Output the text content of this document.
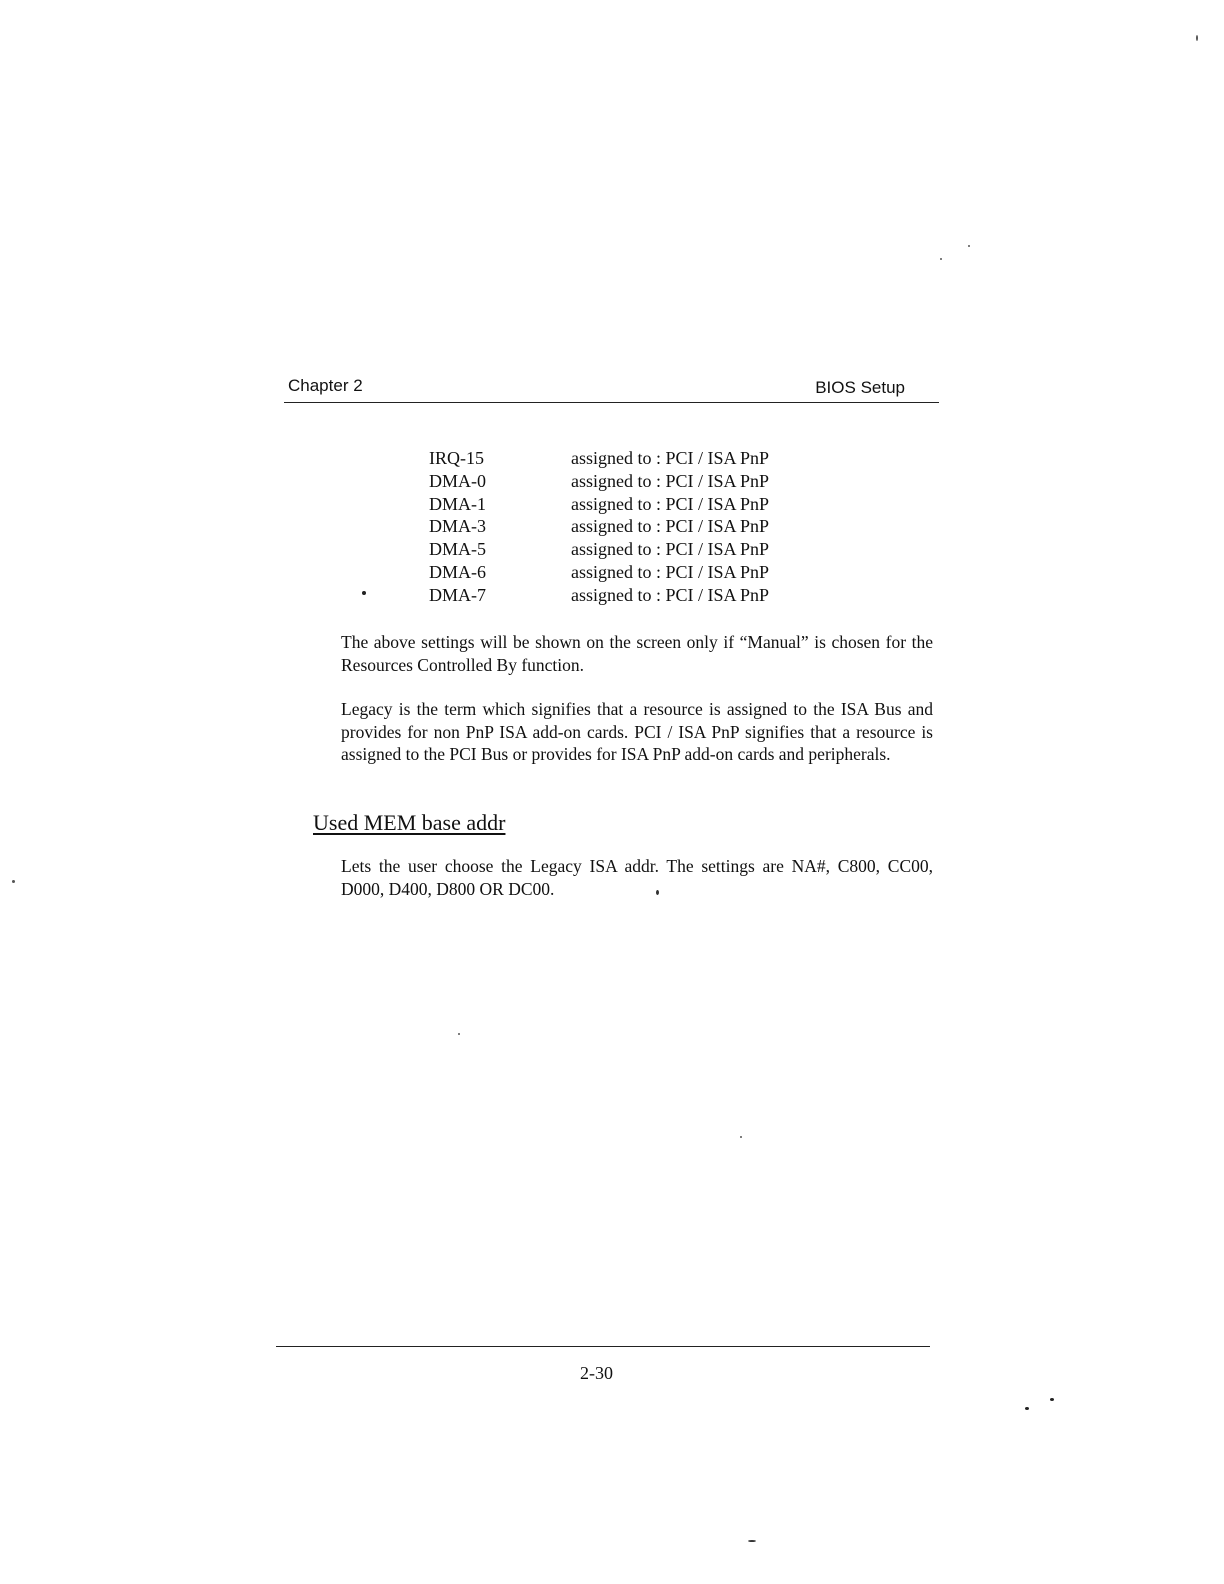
Chapter 2	BIOS Setup
IRQ-15	assigned to : PCI / ISA PnP
DMA-0	assigned to : PCI / ISA PnP
DMA-1	assigned to : PCI / ISA PnP
DMA-3	assigned to : PCI / ISA PnP
DMA-5	assigned to : PCI / ISA PnP
DMA-6	assigned to : PCI / ISA PnP
DMA-7	assigned to : PCI / ISA PnP

The above settings will be shown on the screen only if “Manual” is chosen for the Resources Controlled By function.

Legacy is the term which signifies that a resource is assigned to the ISA Bus and provides for non PnP ISA add-on cards. PCI / ISA PnP signifies that a resource is assigned to the PCI Bus or provides for ISA PnP add-on cards and peripherals.

Used MEM base addr

Lets the user choose the Legacy ISA addr. The settings are NA#, C800, CC00, D000, D400, D800 OR DC00.

2-30
